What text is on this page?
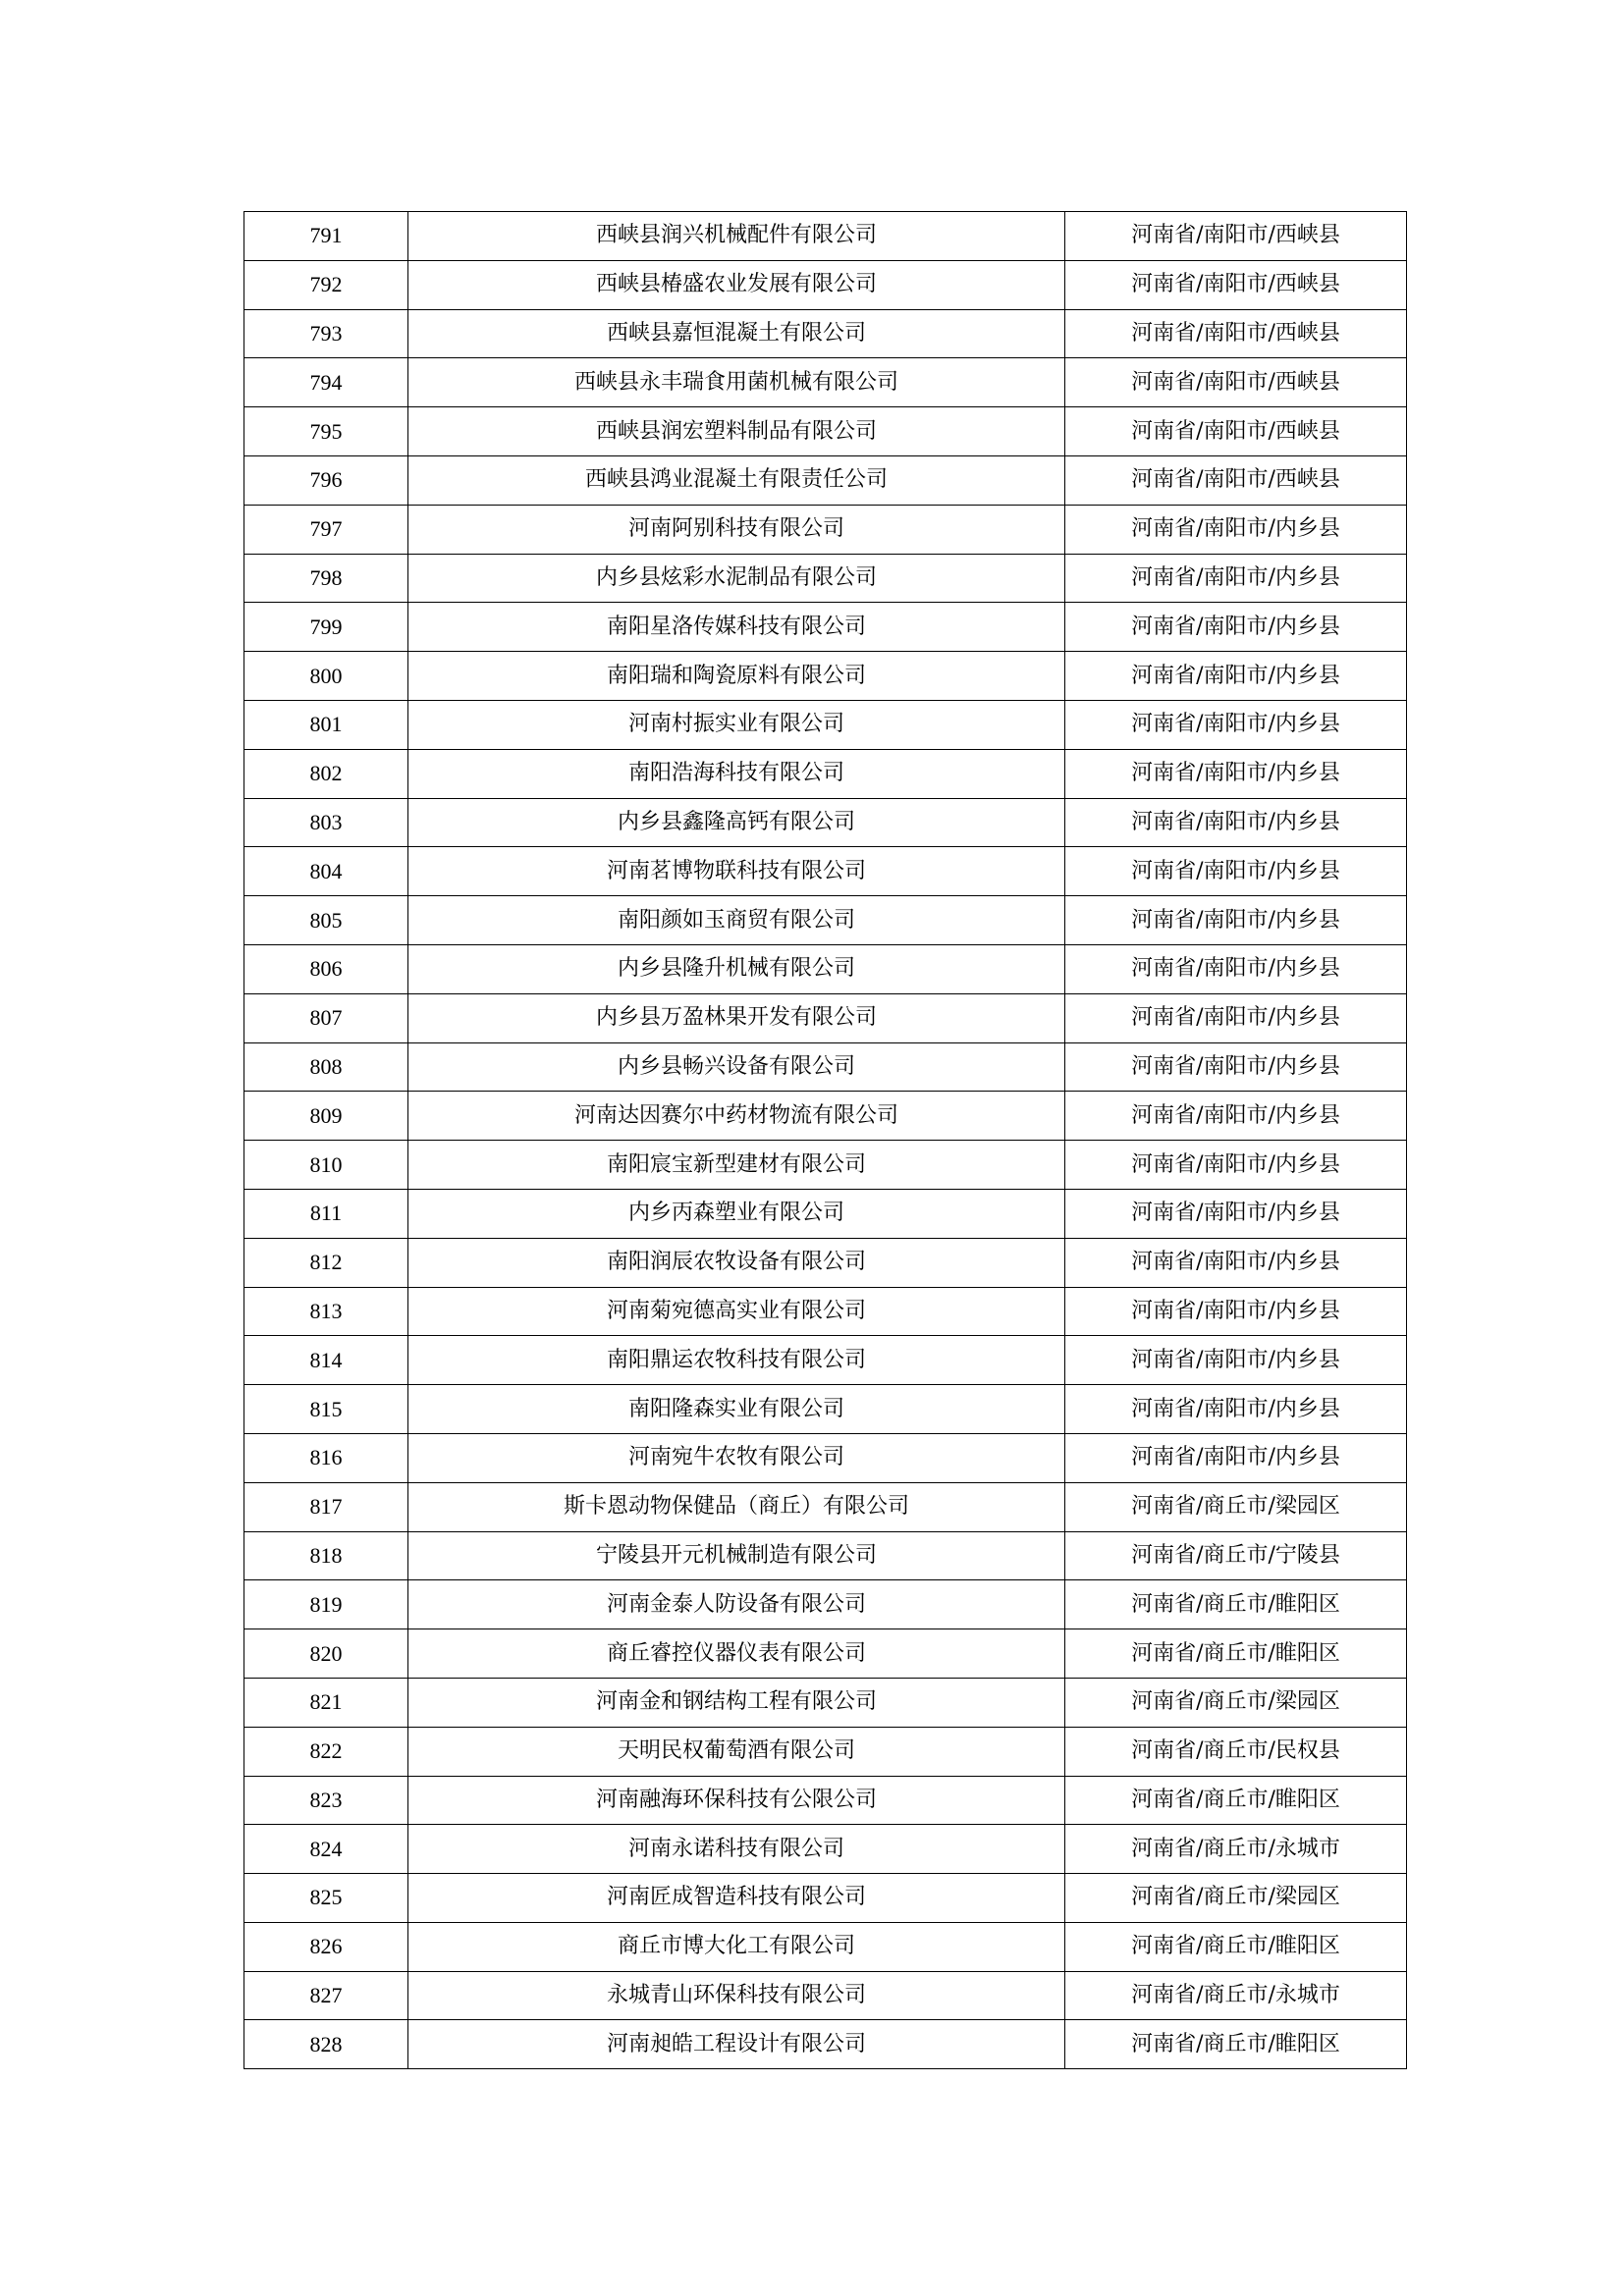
791	西峡县润兴机械配件有限公司	河南省/南阳市/西峡县
792	西峡县椿盛农业发展有限公司	河南省/南阳市/西峡县
793	西峡县嘉恒混凝土有限公司	河南省/南阳市/西峡县
794	西峡县永丰瑞食用菌机械有限公司	河南省/南阳市/西峡县
795	西峡县润宏塑料制品有限公司	河南省/南阳市/西峡县
796	西峡县鸿业混凝土有限责任公司	河南省/南阳市/西峡县
797	河南阿别科技有限公司	河南省/南阳市/内乡县
798	内乡县炫彩水泥制品有限公司	河南省/南阳市/内乡县
799	南阳星洛传媒科技有限公司	河南省/南阳市/内乡县
800	南阳瑞和陶瓷原料有限公司	河南省/南阳市/内乡县
801	河南村振实业有限公司	河南省/南阳市/内乡县
802	南阳浩海科技有限公司	河南省/南阳市/内乡县
803	内乡县鑫隆高钙有限公司	河南省/南阳市/内乡县
804	河南茗博物联科技有限公司	河南省/南阳市/内乡县
805	南阳颜如玉商贸有限公司	河南省/南阳市/内乡县
806	内乡县隆升机械有限公司	河南省/南阳市/内乡县
807	内乡县万盈林果开发有限公司	河南省/南阳市/内乡县
808	内乡县畅兴设备有限公司	河南省/南阳市/内乡县
809	河南达因赛尔中药材物流有限公司	河南省/南阳市/内乡县
810	南阳宸宝新型建材有限公司	河南省/南阳市/内乡县
811	内乡丙森塑业有限公司	河南省/南阳市/内乡县
812	南阳润辰农牧设备有限公司	河南省/南阳市/内乡县
813	河南菊宛德高实业有限公司	河南省/南阳市/内乡县
814	南阳鼎运农牧科技有限公司	河南省/南阳市/内乡县
815	南阳隆森实业有限公司	河南省/南阳市/内乡县
816	河南宛牛农牧有限公司	河南省/南阳市/内乡县
817	斯卡恩动物保健品（商丘）有限公司	河南省/商丘市/梁园区
818	宁陵县开元机械制造有限公司	河南省/商丘市/宁陵县
819	河南金泰人防设备有限公司	河南省/商丘市/睢阳区
820	商丘睿控仪器仪表有限公司	河南省/商丘市/睢阳区
821	河南金和钢结构工程有限公司	河南省/商丘市/梁园区
822	天明民权葡萄酒有限公司	河南省/商丘市/民权县
823	河南融海环保科技有公限公司	河南省/商丘市/睢阳区
824	河南永诺科技有限公司	河南省/商丘市/永城市
825	河南匠成智造科技有限公司	河南省/商丘市/梁园区
826	商丘市博大化工有限公司	河南省/商丘市/睢阳区
827	永城青山环保科技有限公司	河南省/商丘市/永城市
828	河南昶皓工程设计有限公司	河南省/商丘市/睢阳区
